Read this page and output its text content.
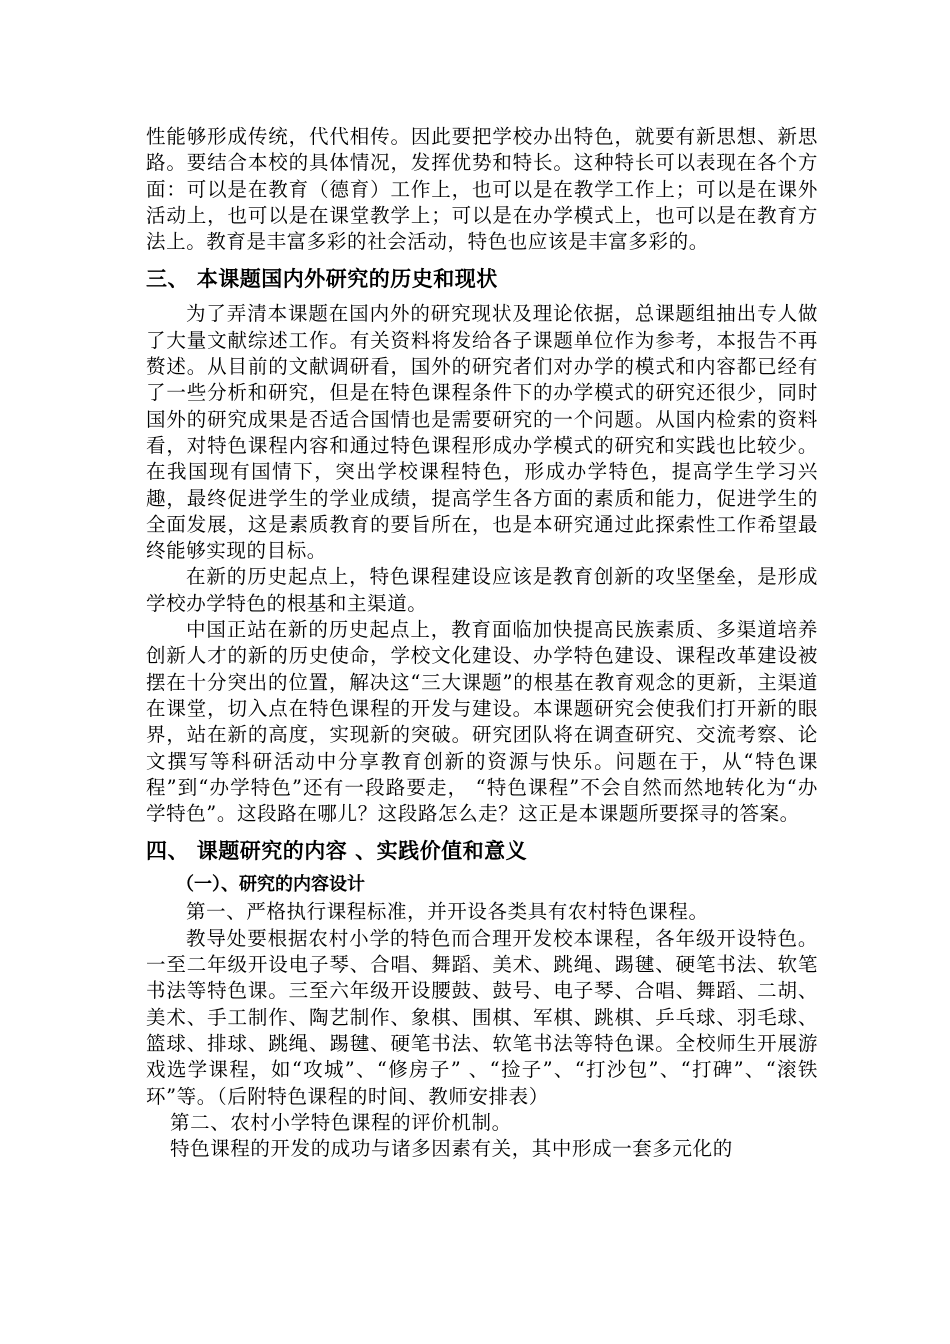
性能够形成传统，代代相传。因此要把学校办出特色，就要有新思想、新思路。要结合本校的具体情况，发挥优势和特长。这种特长可以表现在各个方面：可以是在教育（德育）工作上，也可以是在教学工作上；可以是在课外活动上，也可以是在课堂教学上；可以是在办学模式上，也可以是在教育方法上。教育是丰富多彩的社会活动，特色也应该是丰富多彩的。

三、 本课题国内外研究的历史和现状

为了弄清本课题在国内外的研究现状及理论依据，总课题组抽出专人做了大量文献综述工作。有关资料将发给各子课题单位作为参考，本报告不再赘述。从目前的文献调研看，国外的研究者们对办学的模式和内容都已经有了一些分析和研究，但是在特色课程条件下的办学模式的研究还很少，同时国外的研究成果是否适合国情也是需要研究的一个问题。从国内检索的资料看，对特色课程内容和通过特色课程形成办学模式的研究和实践也比较少。在我国现有国情下，突出学校课程特色，形成办学特色，提高学生学习兴趣，最终促进学生的学业成绩，提高学生各方面的素质和能力，促进学生的全面发展，这是素质教育的要旨所在，也是本研究通过此探索性工作希望最终能够实现的目标。

在新的历史起点上，特色课程建设应该是教育创新的攻坚堡垒，是形成学校办学特色的根基和主渠道。

中国正站在新的历史起点上，教育面临加快提高民族素质、多渠道培养创新人才的新的历史使命，学校文化建设、办学特色建设、课程改革建设被摆在十分突出的位置，解决这“三大课题”的根基在教育观念的更新，主渠道在课堂，切入点在特色课程的开发与建设。本课题研究会使我们打开新的眼界，站在新的高度，实现新的突破。研究团队将在调查研究、交流考察、论文撰写等科研活动中分享教育创新的资源与快乐。问题在于，从“特色课程”到“办学特色”还有一段路要走， “特色课程”不会自然而然地转化为“办学特色”。这段路在哪儿？这段路怎么走？这正是本课题所要探寻的答案。

四、 课题研究的内容 、实践价值和意义
（一）、研究的内容设计

第一、严格执行课程标准，并开设各类具有农村特色课程。

教导处要根据农村小学的特色而合理开发校本课程，各年级开设特色。一至二年级开设电子琴、合唱、舞蹈、美术、跳绳、踢毽、硬笔书法、软笔书法等特色课。三至六年级开设腰鼓、鼓号、电子琴、合唱、舞蹈、二胡、美术、手工制作、陶艺制作、象棋、围棋、军棋、跳棋、乒乓球、羽毛球、篮球、排球、跳绳、踢毽、硬笔书法、软笔书法等特色课。全校师生开展游戏选学课程，如“攻城”、“修房子” 、“捡子”、“打沙包”、“打碑”、“滚铁环”等。（后附特色课程的时间、教师安排表）

第二、农村小学特色课程的评价机制。

特色课程的开发的成功与诸多因素有关，其中形成一套多元化的
